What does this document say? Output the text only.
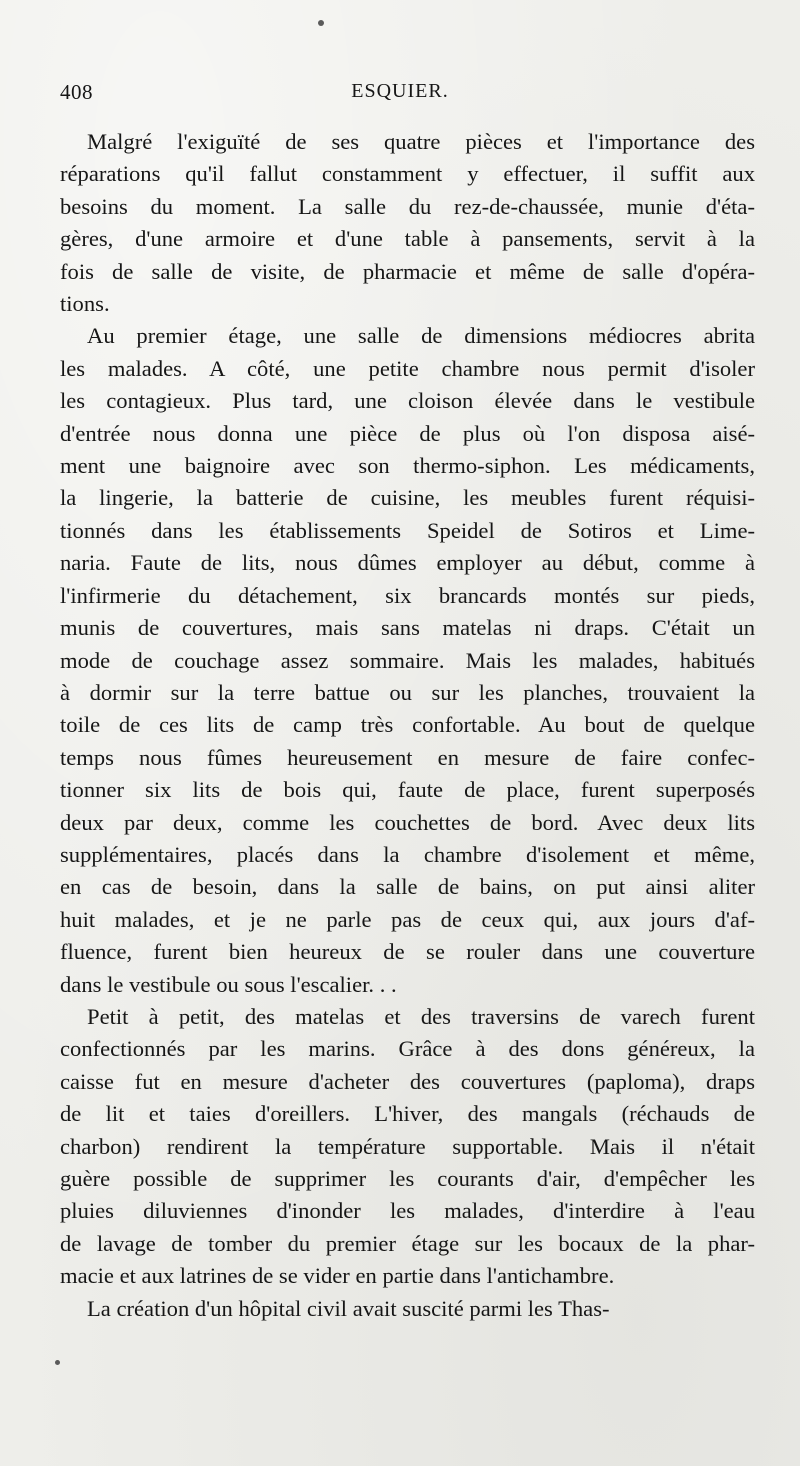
408	ESQUIER.
Malgré l'exiguïté de ses quatre pièces et l'importance des
réparations qu'il fallut constamment y effectuer, il suffit aux
besoins du moment. La salle du rez-de-chaussée, munie d'éta-
gères, d'une armoire et d'une table à pansements, servit à la
fois de salle de visite, de pharmacie et même de salle d'opéra-
tions.
Au premier étage, une salle de dimensions médiocres abrita
les malades. A côté, une petite chambre nous permit d'isoler
les contagieux. Plus tard, une cloison élevée dans le vestibule
d'entrée nous donna une pièce de plus où l'on disposa aisé-
ment une baignoire avec son thermo-siphon. Les médicaments,
la lingerie, la batterie de cuisine, les meubles furent réquisi-
tionnés dans les établissements Speidel de Sotiros et Lime-
naria. Faute de lits, nous dûmes employer au début, comme à
l'infirmerie du détachement, six brancards montés sur pieds,
munis de couvertures, mais sans matelas ni draps. C'était un
mode de couchage assez sommaire. Mais les malades, habitués
à dormir sur la terre battue ou sur les planches, trouvaient la
toile de ces lits de camp très confortable. Au bout de quelque
temps nous fûmes heureusement en mesure de faire confec-
tionner six lits de bois qui, faute de place, furent superposés
deux par deux, comme les couchettes de bord. Avec deux lits
supplémentaires, placés dans la chambre d'isolement et même,
en cas de besoin, dans la salle de bains, on put ainsi aliter
huit malades, et je ne parle pas de ceux qui, aux jours d'af-
fluence, furent bien heureux de se rouler dans une couverture
dans le vestibule ou sous l'escalier. . .
Petit à petit, des matelas et des traversins de varech furent
confectionnés par les marins. Grâce à des dons généreux, la
caisse fut en mesure d'acheter des couvertures (paploma), draps
de lit et taies d'oreillers. L'hiver, des mangals (réchauds de
charbon) rendirent la température supportable. Mais il n'était
guère possible de supprimer les courants d'air, d'empêcher les
pluies diluviennes d'inonder les malades, d'interdire à l'eau
de lavage de tomber du premier étage sur les bocaux de la phar-
macie et aux latrines de se vider en partie dans l'antichambre.
La création d'un hôpital civil avait suscité parmi les Thas-
